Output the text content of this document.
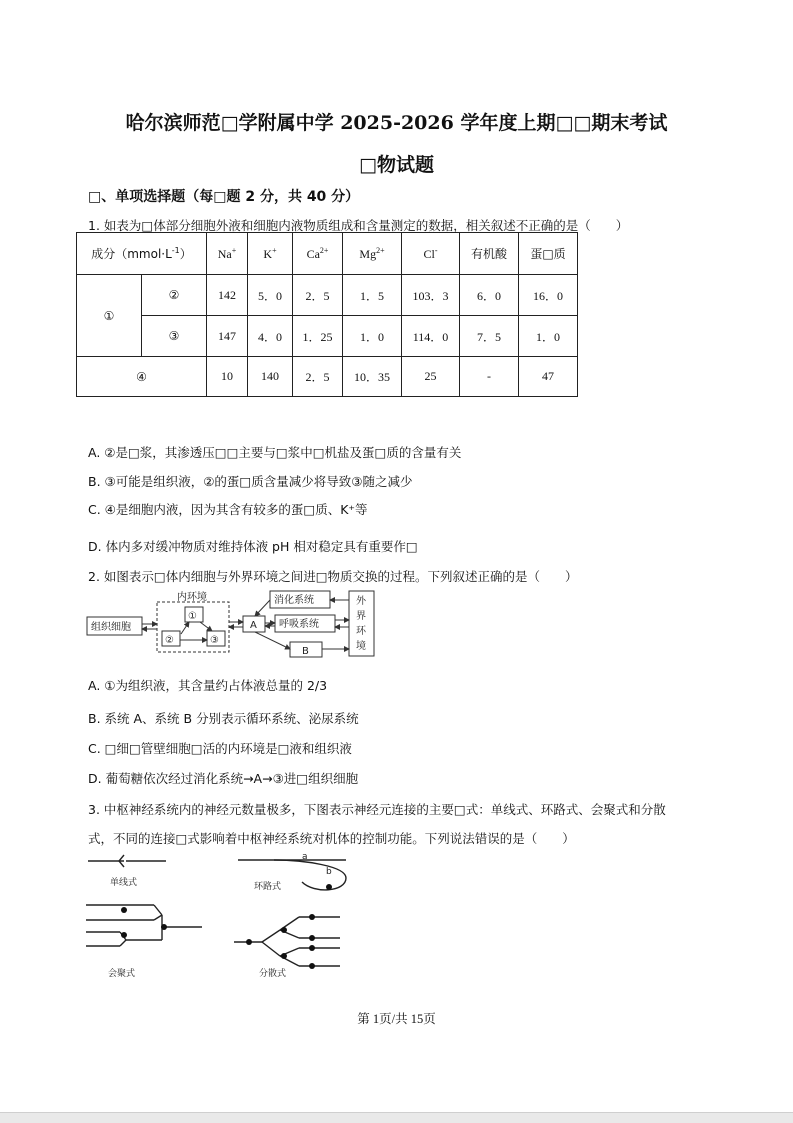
哈尔滨师范□学附属中学 2025-2026 学年度上期□□期末考试
□物试题
□、单项选择题（每□题 2 分，共 40 分）
1. 如表为□体部分细胞外液和细胞内液物质组成和含量测定的数据，相关叙述不正确的是（　　）
成分$(mmol\cdot L^{-1})$		Na+	K+	$Ca^{2+}$	$Mg^{2+}$	Cl-	有机酸	蛋□质
①	②	142	5．0	2．5	1．5	103．3	6．0	16．0
	③	147	4．0	1．25	1．0	114．0	7．5	1．0
④		10	140	2．5	10．35	25	-	47
A. ②是□浆，其渗透压□□主要与□浆中□机盐及蛋□质的含量有关
B. ③可能是组织液，②的蛋□质含量减少将导致③随之减少
C. ④是细胞内液，因为其含有较多的蛋□质、K⁺等
D. 体内多对缓冲物质对维持体液 pH 相对稳定具有重要作□
2. 如图表示□体内细胞与外界环境之间进□物质交换的过程。下列叙述正确的是（　　）
组织细胞
内环境
①
②	③
A
B
消化系统
呼吸系统
外
界
环
境
A. ①为组织液，其含量约占体液总量的 2/3
B. 系统 A、系统 B 分别表示循环系统、泌尿系统
C. □细□管壁细胞□活的内环境是□液和组织液
D. 葡萄糖依次经过消化系统→A→③进□组织细胞
3. 中枢神经系统内的神经元数量极多，下图表示神经元连接的主要□式：单线式、环路式、会聚式和分散
式，不同的连接□式影响着中枢神经系统对机体的控制功能。下列说法错误的是（　　）
单线式	环路式
会聚式	分散式
a
b
第 1页/共 15页
